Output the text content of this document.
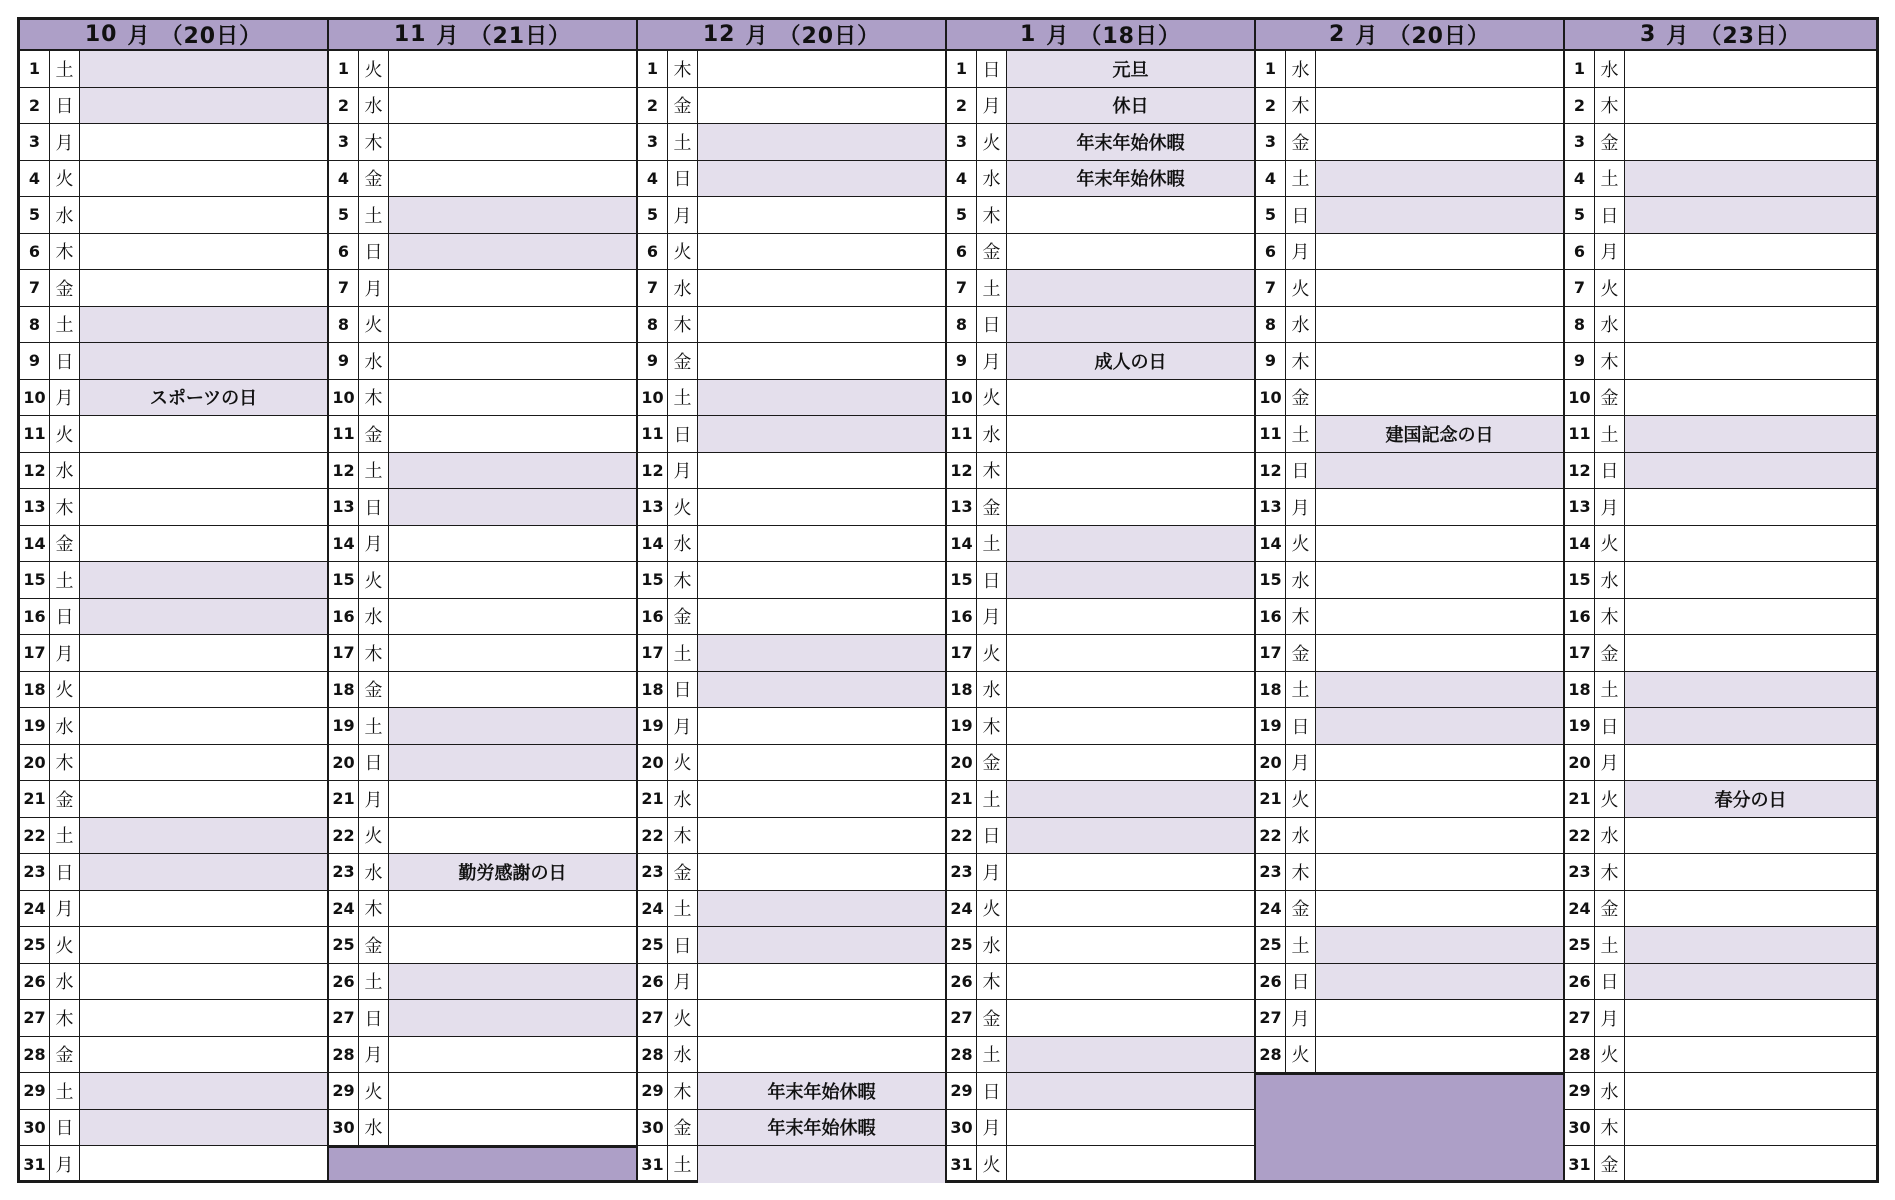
10 月 （20日）
1 土
2 日
3 月
4 火
5 水
6 木
7 金
8 土
9 日
10 月	スポーツの日
11 火
12 水
13 木
14 金
15 土
16 日
17 月
18 火
19 水
20 木
21 金
22 土
23 日
24 月
25 火
26 水
27 木
28 金
29 土
30 日
31 月
11 月 （21日）
1 火
2 水
3 木
4 金
5 土
6 日
7 月
8 火
9 水
10 木
11 金
12 土
13 日
14 月
15 火
16 水
17 木
18 金
19 土
20 日
21 月
22 火
23 水	勤労感謝の日
24 木
25 金
26 土
27 日
28 月
29 火
30 水
12 月 （20日）
1 木
2 金
3 土
4 日
5 月
6 火
7 水
8 木
9 金
10 土
11 日
12 月
13 火
14 水
15 木
16 金
17 土
18 日
19 月
20 火
21 水
22 木
23 金
24 土
25 日
26 月
27 火
28 水
29 木	年末年始休暇
30 金	年末年始休暇
31 土
1 月 （18日）
1 日	元旦
2 月	休日
3 火	年末年始休暇
4 水	年末年始休暇
5 木
6 金
7 土
8 日
9 月	成人の日
10 火
11 水
12 木
13 金
14 土
15 日
16 月
17 火
18 水
19 木
20 金
21 土
22 日
23 月
24 火
25 水
26 木
27 金
28 土
29 日
30 月
31 火
2 月 （20日）
1 水
2 木
3 金
4 土
5 日
6 月
7 火
8 水
9 木
10 金
11 土	建国記念の日
12 日
13 月
14 火
15 水
16 木
17 金
18 土
19 日
20 月
21 火
22 水
23 木
24 金
25 土
26 日
27 月
28 火
3 月 （23日）
1 水
2 木
3 金
4 土
5 日
6 月
7 火
8 水
9 木
10 金
11 土
12 日
13 月
14 火
15 水
16 木
17 金
18 土
19 日
20 月
21 火	春分の日
22 水
23 木
24 金
25 土
26 日
27 月
28 火
29 水
30 木
31 金
